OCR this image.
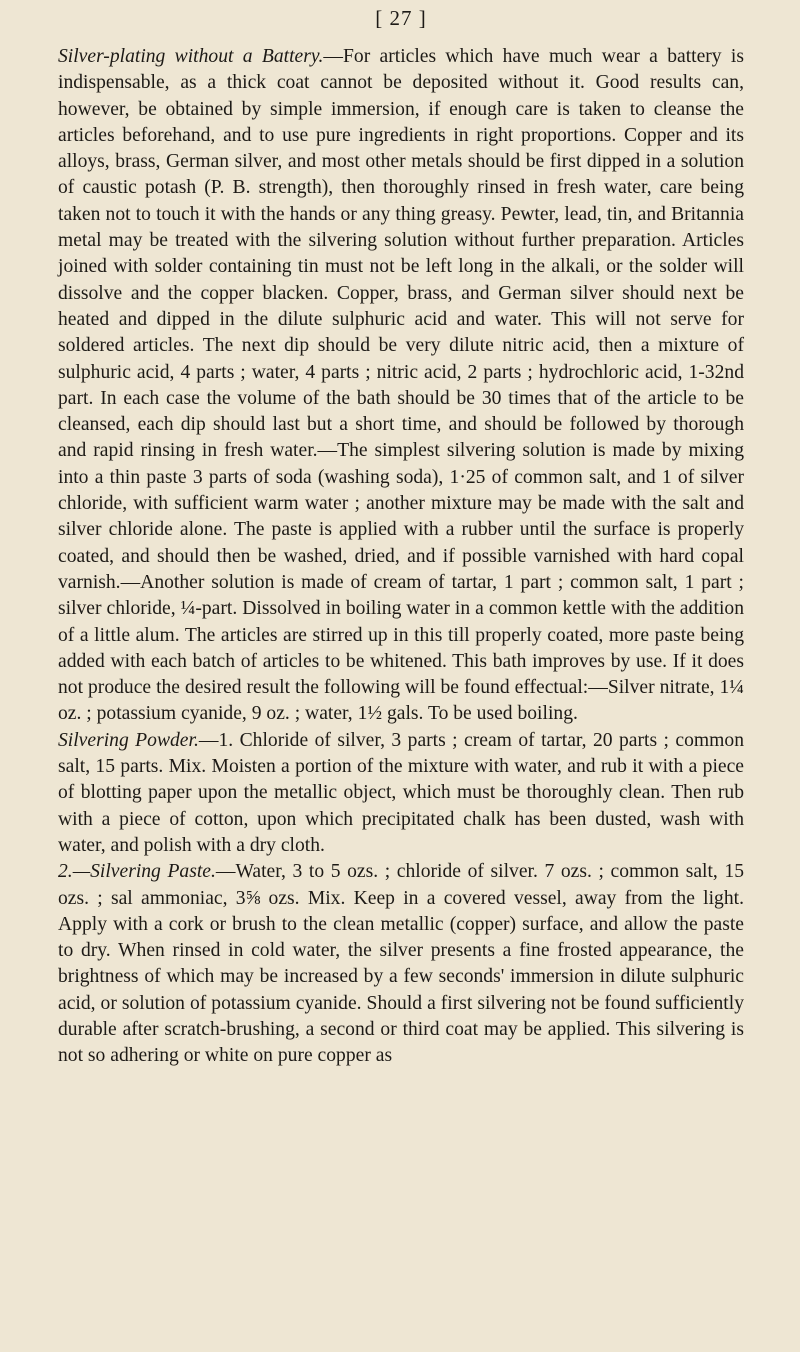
[ 27 ]

Silver-plating without a Battery.—For articles which have much wear a battery is indispensable, as a thick coat cannot be deposited without it. Good results can, however, be obtained by simple immersion, if enough care is taken to cleanse the articles beforehand, and to use pure ingredients in right proportions. Copper and its alloys, brass, German silver, and most other metals should be first dipped in a solution of caustic potash (P. B. strength), then thoroughly rinsed in fresh water, care being taken not to touch it with the hands or any thing greasy. Pewter, lead, tin, and Britannia metal may be treated with the silvering solution without further preparation. Articles joined with solder containing tin must not be left long in the alkali, or the solder will dissolve and the copper blacken. Copper, brass, and German silver should next be heated and dipped in the dilute sulphuric acid and water. This will not serve for soldered articles. The next dip should be very dilute nitric acid, then a mixture of sulphuric acid, 4 parts ; water, 4 parts ; nitric acid, 2 parts ; hydrochloric acid, 1-32nd part. In each case the volume of the bath should be 30 times that of the article to be cleansed, each dip should last but a short time, and should be followed by thorough and rapid rinsing in fresh water.—The simplest silvering solution is made by mixing into a thin paste 3 parts of soda (washing soda), 1·25 of common salt, and 1 of silver chloride, with sufficient warm water ; another mixture may be made with the salt and silver chloride alone. The paste is applied with a rubber until the surface is properly coated, and should then be washed, dried, and if possible varnished with hard copal varnish.—Another solution is made of cream of tartar, 1 part ; common salt, 1 part ; silver chloride, ¼-part. Dissolved in boiling water in a common kettle with the addition of a little alum. The articles are stirred up in this till properly coated, more paste being added with each batch of articles to be whitened. This bath improves by use. If it does not produce the desired result the following will be found effectual:—Silver nitrate, 1¼ oz. ; potassium cyanide, 9 oz. ; water, 1½ gals. To be used boiling.

Silvering Powder.—1. Chloride of silver, 3 parts ; cream of tartar, 20 parts ; common salt, 15 parts. Mix. Moisten a portion of the mixture with water, and rub it with a piece of blotting paper upon the metallic object, which must be thoroughly clean. Then rub with a piece of cotton, upon which precipitated chalk has been dusted, wash with water, and polish with a dry cloth.

2.—Silvering Paste.—Water, 3 to 5 ozs. ; chloride of silver. 7 ozs. ; common salt, 15 ozs. ; sal ammoniac, 3⅝ ozs. Mix. Keep in a covered vessel, away from the light. Apply with a cork or brush to the clean metallic (copper) surface, and allow the paste to dry. When rinsed in cold water, the silver presents a fine frosted appearance, the brightness of which may be increased by a few seconds' immersion in dilute sulphuric acid, or solution of potassium cyanide. Should a first silvering not be found sufficiently durable after scratch-brushing, a second or third coat may be applied. This silvering is not so adhering or white on pure copper as
